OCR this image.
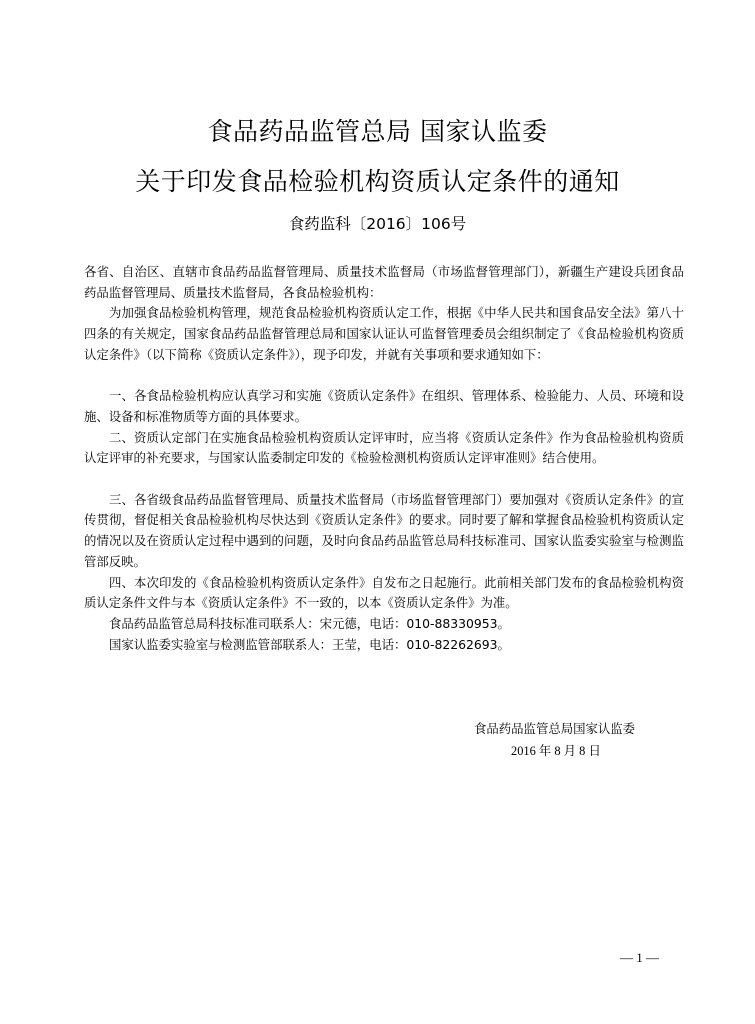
食品药品监管总局 国家认监委
关于印发食品检验机构资质认定条件的通知
食药监科〔2016〕106号

各省、自治区、直辖市食品药品监督管理局、质量技术监督局（市场监督管理部门），新疆生产建设兵团食品药品监督管理局、质量技术监督局，各食品检验机构：

为加强食品检验机构管理，规范食品检验机构资质认定工作，根据《中华人民共和国食品安全法》第八十四条的有关规定，国家食品药品监督管理总局和国家认证认可监督管理委员会组织制定了《食品检验机构资质认定条件》（以下简称《资质认定条件》），现予印发，并就有关事项和要求通知如下：

一、各食品检验机构应认真学习和实施《资质认定条件》在组织、管理体系、检验能力、人员、环境和设施、设备和标准物质等方面的具体要求。

二、资质认定部门在实施食品检验机构资质认定评审时，应当将《资质认定条件》作为食品检验机构资质认定评审的补充要求，与国家认监委制定印发的《检验检测机构资质认定评审准则》结合使用。

三、各省级食品药品监督管理局、质量技术监督局（市场监督管理部门）要加强对《资质认定条件》的宣传贯彻，督促相关食品检验机构尽快达到《资质认定条件》的要求。同时要了解和掌握食品检验机构资质认定的情况以及在资质认定过程中遇到的问题，及时向食品药品监管总局科技标准司、国家认监委实验室与检测监管部反映。

四、本次印发的《食品检验机构资质认定条件》自发布之日起施行。此前相关部门发布的食品检验机构资质认定条件文件与本《资质认定条件》不一致的，以本《资质认定条件》为准。

食品药品监管总局科技标准司联系人：宋元德，电话：010-88330953。

国家认监委实验室与检测监管部联系人：王莹，电话：010-82262693。

食品药品监管总局国家认监委
2016 年 8 月 8 日
— 1 —
